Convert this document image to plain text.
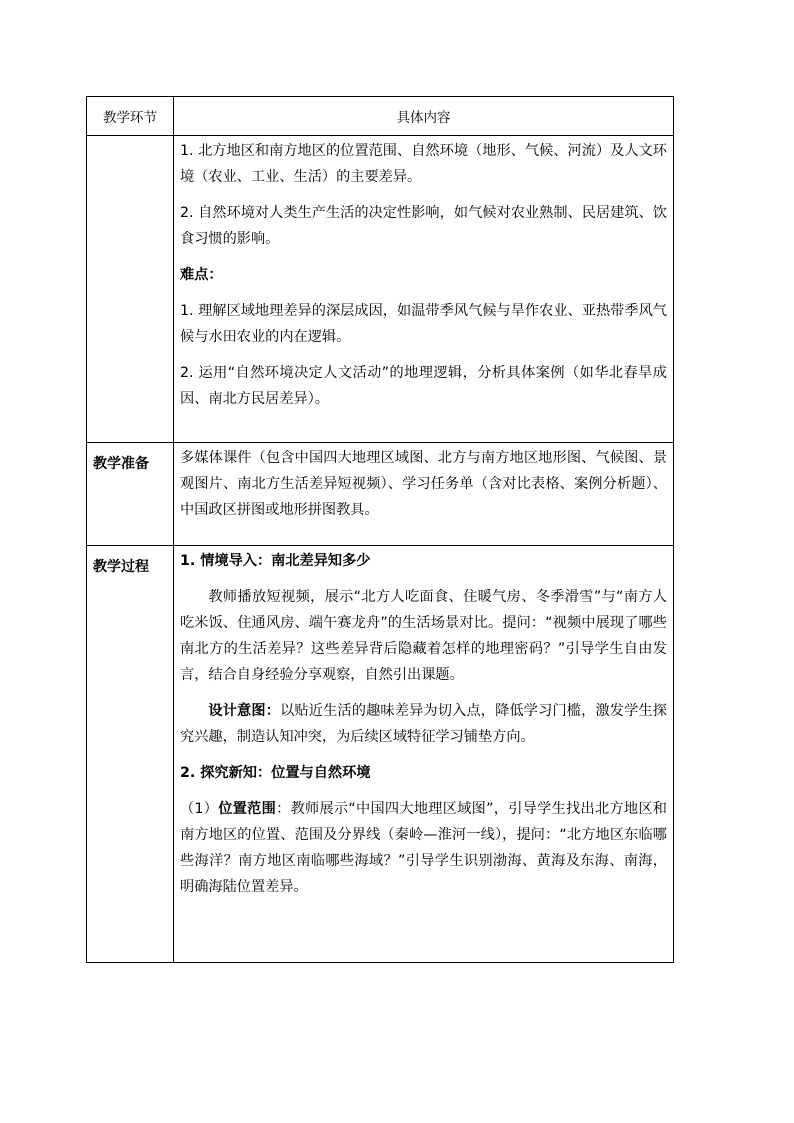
教学环节	具体内容

	1. 北方地区和南方地区的位置范围、自然环境（地形、气候、河流）及人文环境（农业、工业、生活）的主要差异。

2. 自然环境对人类生产生活的决定性影响，如气候对农业熟制、民居建筑、饮食习惯的影响。

难点：

1. 理解区域地理差异的深层成因，如温带季风气候与旱作农业、亚热带季风气候与水田农业的内在逻辑。

2. 运用“自然环境决定人文活动”的地理逻辑，分析具体案例（如华北春旱成因、南北方民居差异）。

教学准备	多媒体课件（包含中国四大地理区域图、北方与南方地区地形图、气候图、景观图片、南北方生活差异短视频）、学习任务单（含对比表格、案例分析题）、中国政区拼图或地形拼图教具。

教学过程	1. 情境导入：南北差异知多少

教师播放短视频，展示“北方人吃面食、住暖气房、冬季滑雪”与“南方人吃米饭、住通风房、端午赛龙舟”的生活场景对比。提问：“视频中展现了哪些南北方的生活差异？这些差异背后隐藏着怎样的地理密码？”引导学生自由发言，结合自身经验分享观察，自然引出课题。

设计意图：以贴近生活的趣味差异为切入点，降低学习门槛，激发学生探究兴趣，制造认知冲突，为后续区域特征学习铺垫方向。

2. 探究新知：位置与自然环境

（1）位置范围：教师展示“中国四大地理区域图”，引导学生找出北方地区和南方地区的位置、范围及分界线（秦岭—淮河一线），提问：“北方地区东临哪些海洋？南方地区南临哪些海域？”引导学生识别渤海、黄海及东海、南海，明确海陆位置差异。
